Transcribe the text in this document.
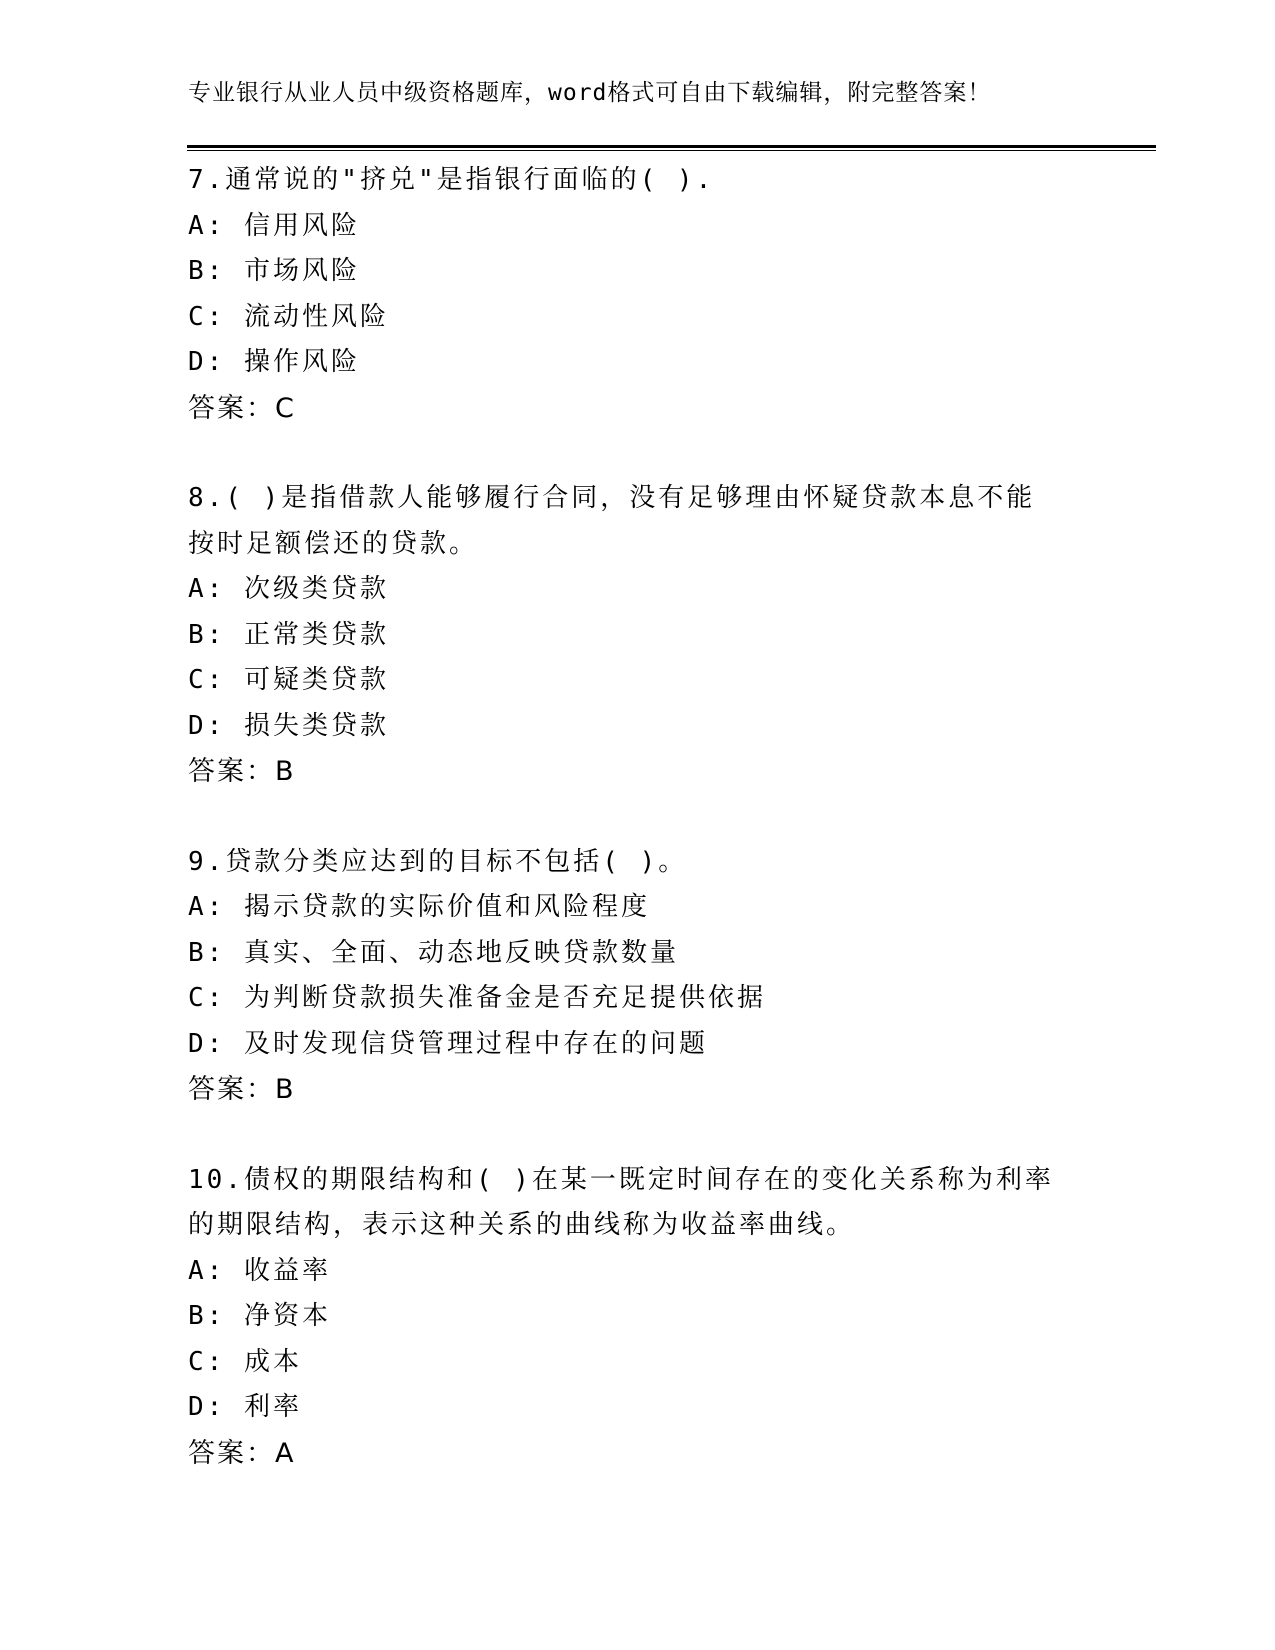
专业银行从业人员中级资格题库，word格式可自由下载编辑，附完整答案！
7.通常说的"挤兑"是指银行面临的( ).
A: 信用风险
B: 市场风险
C: 流动性风险
D: 操作风险
答案：C
8.( )是指借款人能够履行合同，没有足够理由怀疑贷款本息不能
按时足额偿还的贷款。
A: 次级类贷款
B: 正常类贷款
C: 可疑类贷款
D: 损失类贷款
答案：B
9.贷款分类应达到的目标不包括( )。
A: 揭示贷款的实际价值和风险程度
B: 真实、全面、动态地反映贷款数量
C: 为判断贷款损失准备金是否充足提供依据
D: 及时发现信贷管理过程中存在的问题
答案：B
10.债权的期限结构和( )在某一既定时间存在的变化关系称为利率
的期限结构，表示这种关系的曲线称为收益率曲线。
A: 收益率
B: 净资本
C: 成本
D: 利率
答案：A
